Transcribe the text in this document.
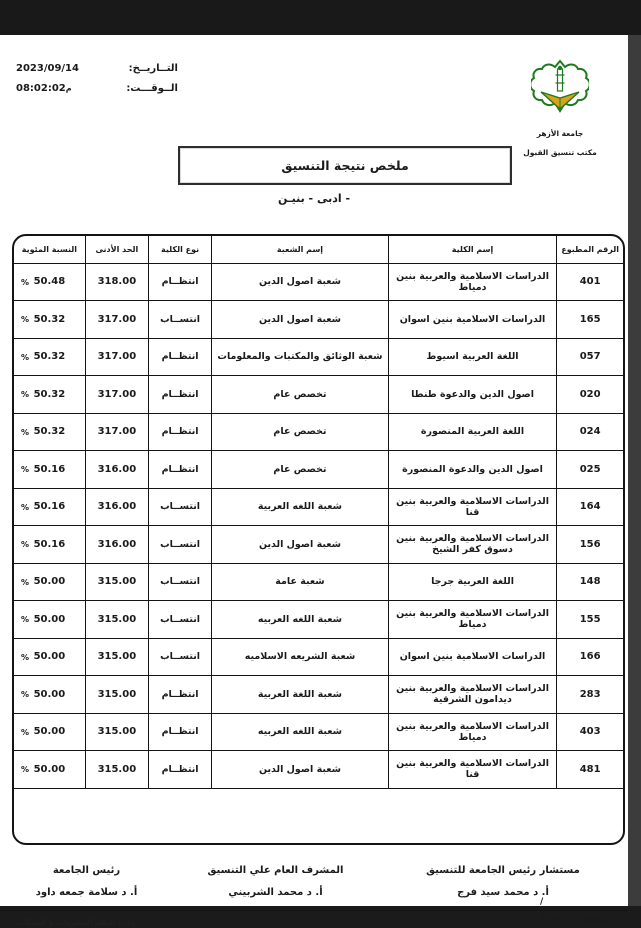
التــاريــخ:
2023/09/14
الــوقـــت:
م08:02:02
جامعة الأزهر
مكتب تنسيق القبول
ملخص نتيجة التنسيق
- ادبى - بنيـن
الرقم المطبوع	إسم الكلية	إسم الشعبة	نوع الكلية	الحد الأدنى	النسبة المئوية
401	الدراسات الاسلامية والعربية بنين دمياط	شعبة اصول الدين	انتظــام	318.00	% 50.48
165	الدراسات الاسلامية بنين اسوان	شعبة اصول الدين	انتســاب	317.00	% 50.32
057	اللغة العربية اسيوط	شعبة الوثائق والمكتبات والمعلومات	انتظــام	317.00	% 50.32
020	اصول الدين والدعوة طنطا	تخصص عام	انتظــام	317.00	% 50.32
024	اللغة العربية المنصورة	تخصص عام	انتظــام	317.00	% 50.32
025	اصول الدين والدعوة المنصورة	تخصص عام	انتظــام	316.00	% 50.16
164	الدراسات الاسلامية والعربية بنين قنا	شعبة اللغه العربية	انتســاب	316.00	% 50.16
156	الدراسات الاسلامية والعربية بنين دسوق كفر الشيخ	شعبة اصول الدين	انتســاب	316.00	% 50.16
148	اللغة العربية جرجا	شعبة عامة	انتســاب	315.00	% 50.00
155	الدراسات الاسلامية والعربية بنين دمياط	شعبة اللغه العربيه	انتســاب	315.00	% 50.00
166	الدراسات الاسلامية بنين اسوان	شعبة الشريعه الاسلاميه	انتســاب	315.00	% 50.00
283	الدراسات الاسلامية والعربية بنين ديدامون الشرقية	شعبة اللغة العربية	انتظــام	315.00	% 50.00
403	الدراسات الاسلامية والعربية بنين دمياط	شعبة اللغه العربيه	انتظــام	315.00	% 50.00
481	الدراسات الاسلامية والعربية بنين قنا	شعبة اصول الدين	انتظــام	315.00	% 50.00
مستشار رئيس الجامعة للتنسيق
أ. د محمد سيد فرج
المشرف العام علي التنسيق
أ. د محمد الشربيني
رئيس الجامعة
أ. د سلامة جمعه داود
/
صفحة:
8
9
وحدة النظم المعلومات و الشبكات
